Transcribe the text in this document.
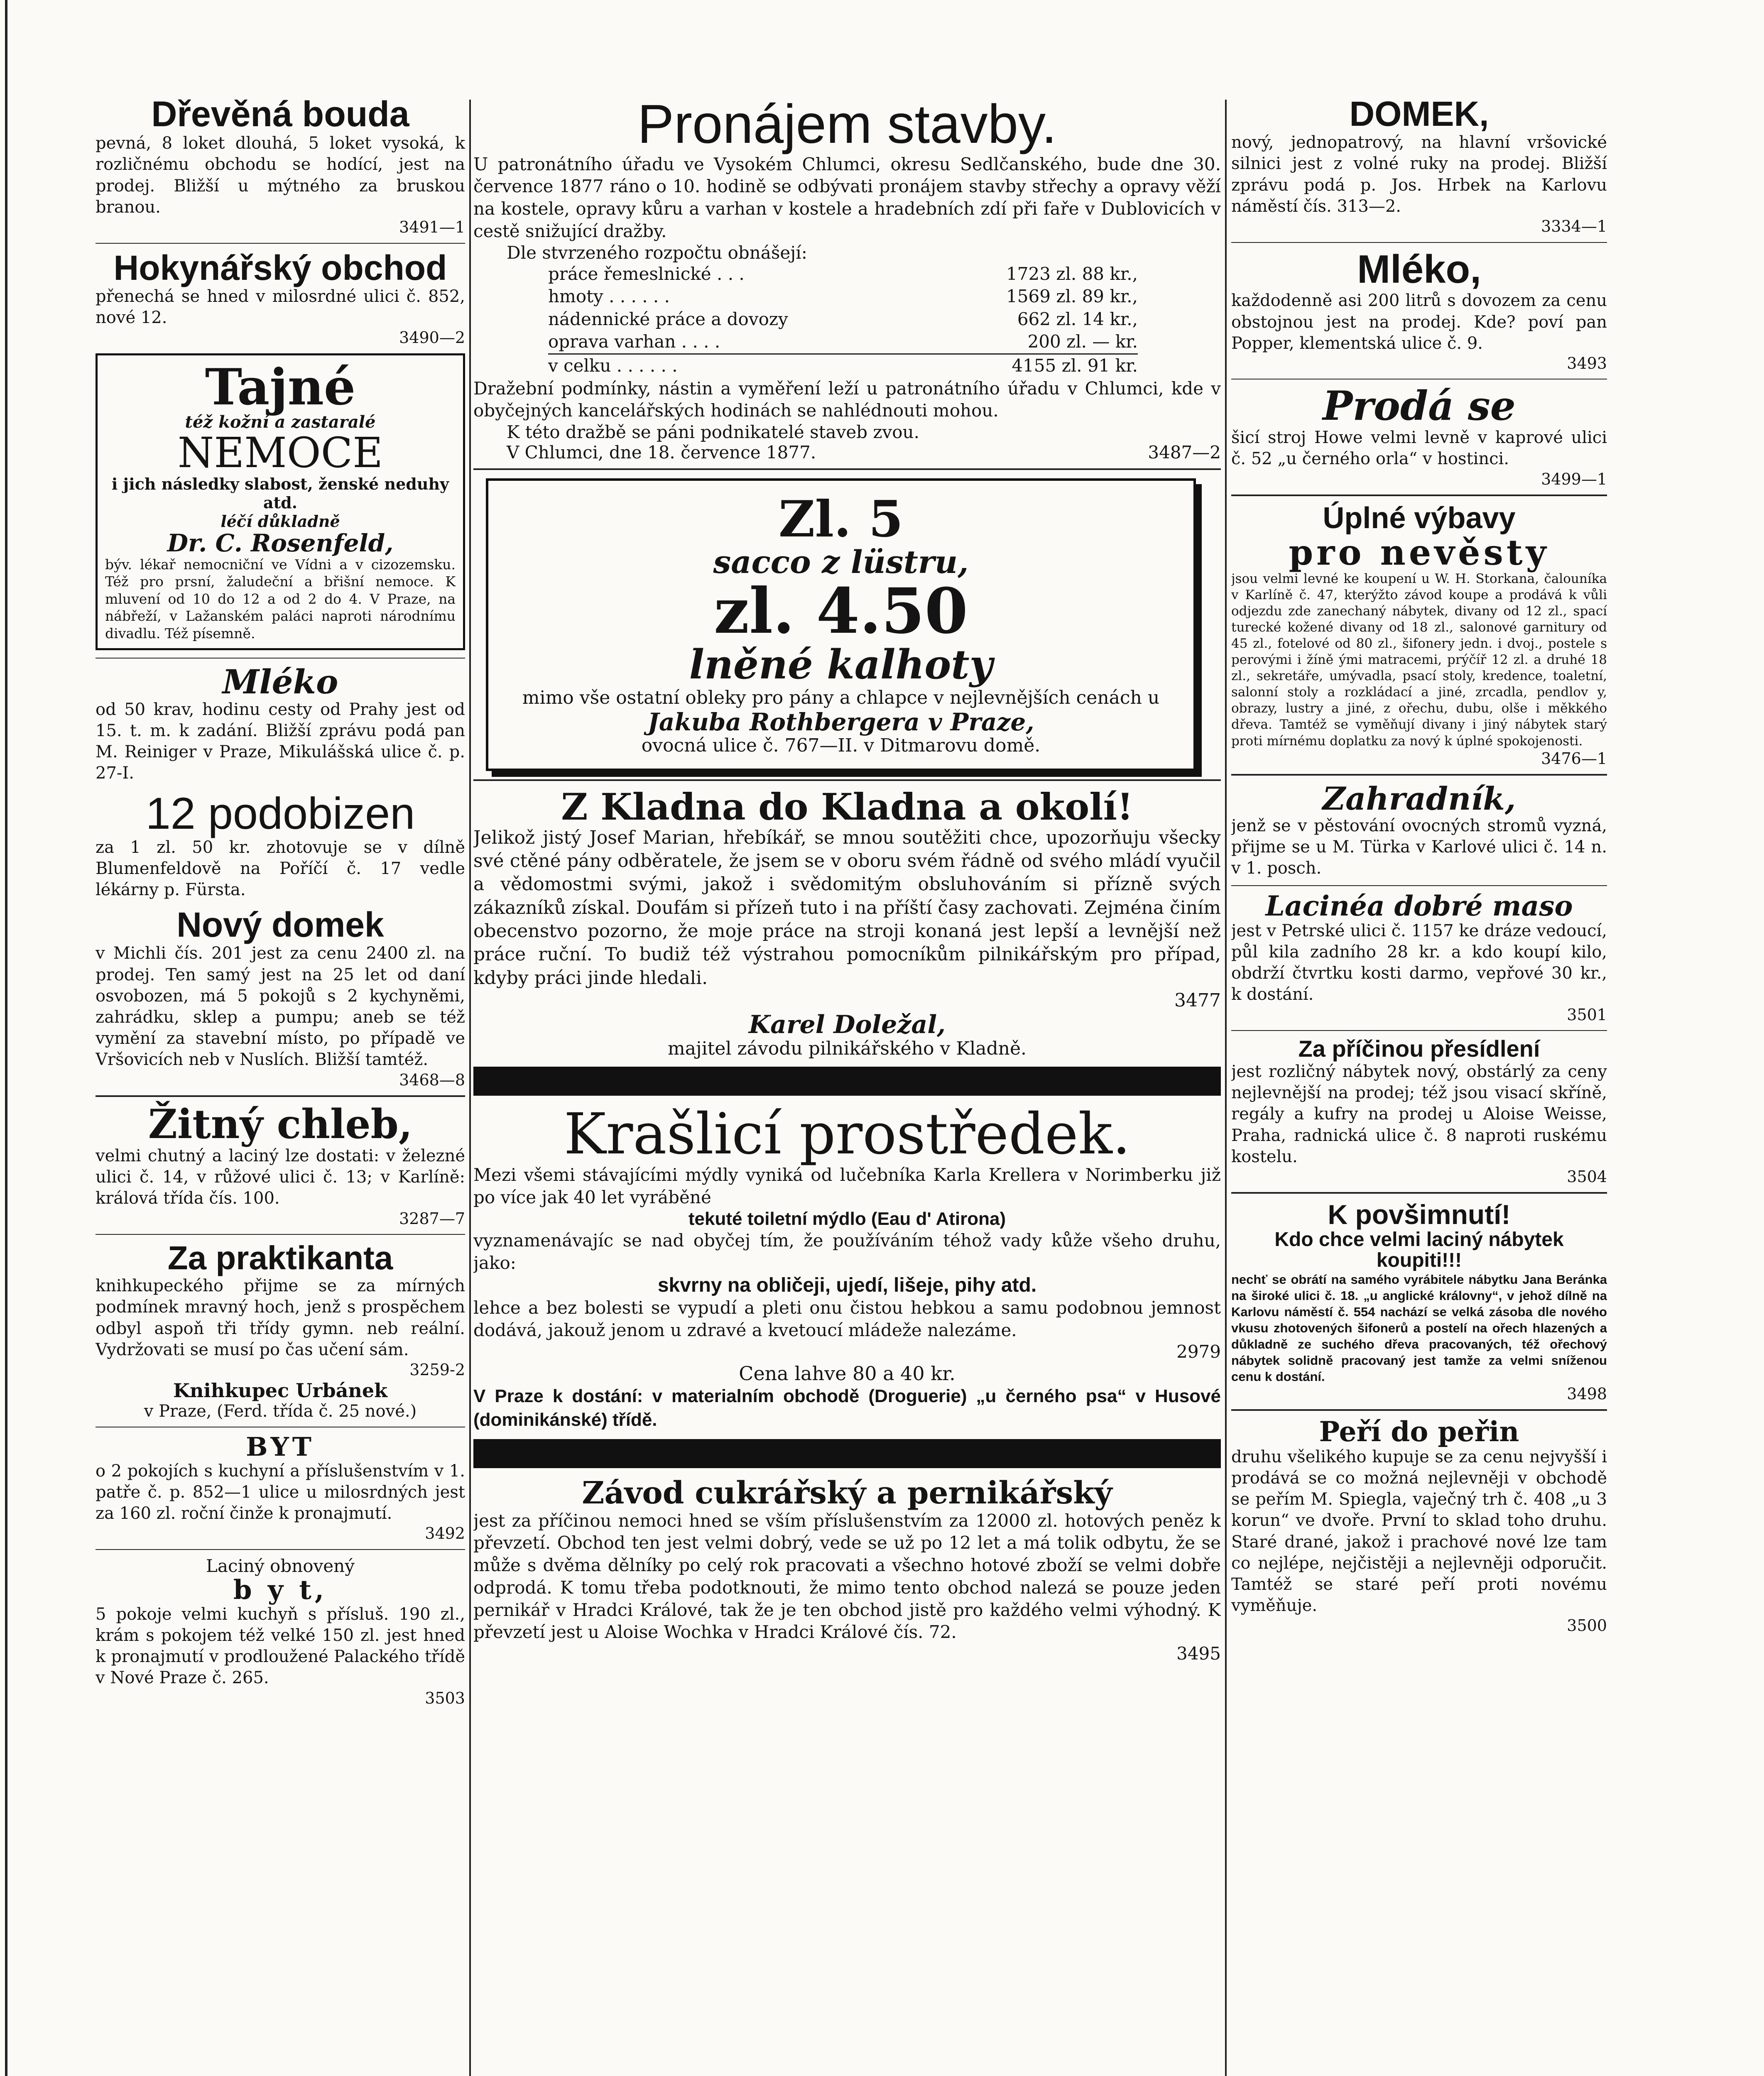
Dřevěná bouda
pevná, 8 loket dlouhá, 5 loket vysoká, k rozličnému obchodu se hodící, jest na prodej. Bližší u mýtného za bruskou branou.
3491—1
Hokynářský obchod
přenechá se hned v milosrdné ulici č. 852, nové 12.
3490—2
Tajné
též kožní a zastaralé
NEMOCE
i jich následky slabost, ženské neduhy atd.
léčí důkladně
Dr. C. Rosenfeld,
býv. lékař nemocniční ve Vídni a v cizozemsku. Též pro prsní, žaludeční a břišní nemoce. K mluvení od 10 do 12 a od 2 do 4. V Praze, na nábřeží, v Lažanském paláci naproti národnímu divadlu. Též písemně.
Mléko
od 50 krav, hodinu cesty od Prahy jest od 15. t. m. k zadání. Bližší zprávu podá pan M. Reiniger v Praze, Mikulášská ulice č. p. 27-I.
12 podobizen
za 1 zl. 50 kr. zhotovuje se v dílně Blumenfeldově na Poříčí č. 17 vedle lékárny p. Fürsta.
Nový domek
v Michli čís. 201 jest za cenu 2400 zl. na prodej. Ten samý jest na 25 let od daní osvobozen, má 5 pokojů s 2 kychyněmi, zahrádku, sklep a pumpu; aneb se též vymění za stavební místo, po případě ve Vršovicích neb v Nuslích. Bližší tamtéž.
3468—8
Žitný chleb,
velmi chutný a laciný lze dostati: v železné ulici č. 14, v růžové ulici č. 13; v Karlíně: králová třída čís. 100.
3287—7
Za praktikanta
knihkupeckého přijme se za mírných podmínek mravný hoch, jenž s prospěchem odbyl aspoň tři třídy gymn. neb reální. Vydržovati se musí po čas učení sám.
3259-2
Knihkupec Urbánek
v Praze, (Ferd. třída č. 25 nové.)
BYT
o 2 pokojích s kuchyní a příslušenstvím v 1. patře č. p. 852—1 ulice u milosrdných jest za 160 zl. roční činže k pronajmutí.
3492
Laciný obnovený
b y t,
5 pokoje velmi kuchyň s přísluš. 190 zl., krám s pokojem též velké 150 zl. jest hned k pronajmutí v prodloužené Palackého třídě v Nové Praze č. 265.
3503
Pronájem stavby.
U patronátního úřadu ve Vysokém Chlumci, okresu Sedlčanského, bude dne 30. července 1877 ráno o 10. hodině se odbývati pronájem stavby střechy a opravy věží na kostele, opravy kůru a varhan v kostele a hradebních zdí při faře v Dublovicích v cestě snižující dražby.
Dle stvrzeného rozpočtu obnášejí:
práce řemeslnické . . .	1723 zl. 88 kr.,
hmoty . . . . . .	1569 zl. 89 kr.,
nádennické práce a dovozy	662 zl. 14 kr.,
oprava varhan . . . .	200 zl. — kr.
v celku . . . . . .	4155 zl. 91 kr.
Dražební podmínky, nástin a vyměření leží u patronátního úřadu v Chlumci, kde v obyčejných kancelářských hodinách se nahlédnouti mohou.
K této dražbě se páni podnikatelé staveb zvou.
V Chlumci, dne 18. července 1877.	3487—2
Zl. 5
sacco z lüstru,
zl. 4.50
lněné kalhoty
mimo vše ostatní obleky pro pány a chlapce v nejlevnějších cenách u
Jakuba Rothbergera v Praze,
ovocná ulice č. 767—II. v Ditmarovu domě.
Z Kladna do Kladna a okolí!
Jelikož jistý Josef Marian, hřebíkář, se mnou soutěžiti chce, upozorňuju všecky své ctěné pány odběratele, že jsem se v oboru svém řádně od svého mládí vyučil a vědomostmi svými, jakož i svědomitým obsluhováním si přízně svých zákazníků získal. Doufám si přízeň tuto i na příští časy zachovati. Zejména činím obecenstvo pozorno, že moje práce na stroji konaná jest lepší a levnější než práce ruční. To budiž též výstrahou pomocníkům pilnikářským pro případ, kdyby práci jinde hledali.
3477
Karel Doležal,
majitel závodu pilnikářského v Kladně.
Krašlicí prostředek.
Mezi všemi stávajícími mýdly vyniká od lučebníka Karla Krellera v Norimberku již po více jak 40 let vyráběné
tekuté toiletní mýdlo (Eau d' Atirona)
vyznamenávajíc se nad obyčej tím, že používáním téhož vady kůže všeho druhu, jako:
skvrny na obličeji, ujedí, lišeje, pihy atd.
lehce a bez bolesti se vypudí a pleti onu čistou hebkou a samu podobnou jemnost dodává, jakouž jenom u zdravé a kvetoucí mládeže nalezáme.
2979
Cena lahve 80 a 40 kr.
V Praze k dostání: v materialním obchodě (Droguerie) „u černého psa“ v Husové (dominikánské) třídě.
Závod cukrářský a pernikářský
jest za příčinou nemoci hned se vším příslušenstvím za 12000 zl. hotových peněz k převzetí. Obchod ten jest velmi dobrý, vede se už po 12 let a má tolik odbytu, že se může s dvěma dělníky po celý rok pracovati a všechno hotové zboží se velmi dobře odprodá. K tomu třeba podotknouti, že mimo tento obchod nalezá se pouze jeden pernikář v Hradci Králové, tak že je ten obchod jistě pro každého velmi výhodný. K převzetí jest u Aloise Wochka v Hradci Králové čís. 72.
3495
DOMEK,
nový, jednopatrový, na hlavní vršovické silnici jest z volné ruky na prodej. Bližší zprávu podá p. Jos. Hrbek na Karlovu náměstí čís. 313—2.
3334—1
Mléko,
každodenně asi 200 litrů s dovozem za cenu obstojnou jest na prodej. Kde? poví pan Popper, klementská ulice č. 9.
3493
Prodá se
šicí stroj Howe velmi levně v kaprové ulici č. 52 „u černého orla“ v hostinci.
3499—1
Úplné výbavy
pro nevěsty
jsou velmi levné ke koupení u W. H. Storkana, čalouníka v Karlíně č. 47, kterýžto závod koupe a prodává k vůli odjezdu zde zanechaný nábytek, divany od 12 zl., spací turecké kožené divany od 18 zl., salonové garnitury od 45 zl., fotelové od 80 zl., šifonery jedn. i dvoj., postele s perovými i žíně ými matracemi, prýčíř 12 zl. a druhé 18 zl., sekretáře, umývadla, psací stoly, kredence, toaletní, salonní stoly a rozkládací a jiné, zrcadla, pendlov y, obrazy, lustry a jiné, z ořechu, dubu, olše i měkkého dřeva. Tamtéž se vyměňují divany i jiný nábytek starý proti mírnému doplatku za nový k úplné spokojenosti.
3476—1
Zahradník,
jenž se v pěstování ovocných stromů vyzná, přijme se u M. Türka v Karlové ulici č. 14 n. v 1. posch.
Lacinéa dobré maso
jest v Petrské ulici č. 1157 ke dráze vedoucí, půl kila zadního 28 kr. a kdo koupí kilo, obdrží čtvrtku kosti darmo, vepřové 30 kr., k dostání.
3501
Za příčinou přesídlení
jest rozličný nábytek nový, obstárlý za ceny nejlevnější na prodej; též jsou visací skříně, regály a kufry na prodej u Aloise Weisse, Praha, radnická ulice č. 8 naproti ruskému kostelu.
3504
K povšimnutí!
Kdo chce velmi laciný nábytek koupiti!!!
nechť se obrátí na samého vyrábitele nábytku Jana Beránka na široké ulici č. 18. „u anglické královny“, v jehož dílně na Karlovu náměstí č. 554 nachází se velká zásoba dle nového vkusu zhotovených šifonerů a postelí na ořech hlazených a důkladně ze suchého dřeva pracovaných, též ořechový nábytek solidně pracovaný jest tamže za velmi sníženou cenu k dostání.
3498
Peří do peřin
druhu všelikého kupuje se za cenu nejvyšší i prodává se co možná nejlevněji v obchodě se peřím M. Spiegla, vaječný trh č. 408 „u 3 korun“ ve dvoře. První to sklad toho druhu. Staré drané, jakož i prachové nové lze tam co nejlépe, nejčistěji a nejlevněji odporučit. Tamtéž se staré peří proti novému vyměňuje.
3500
